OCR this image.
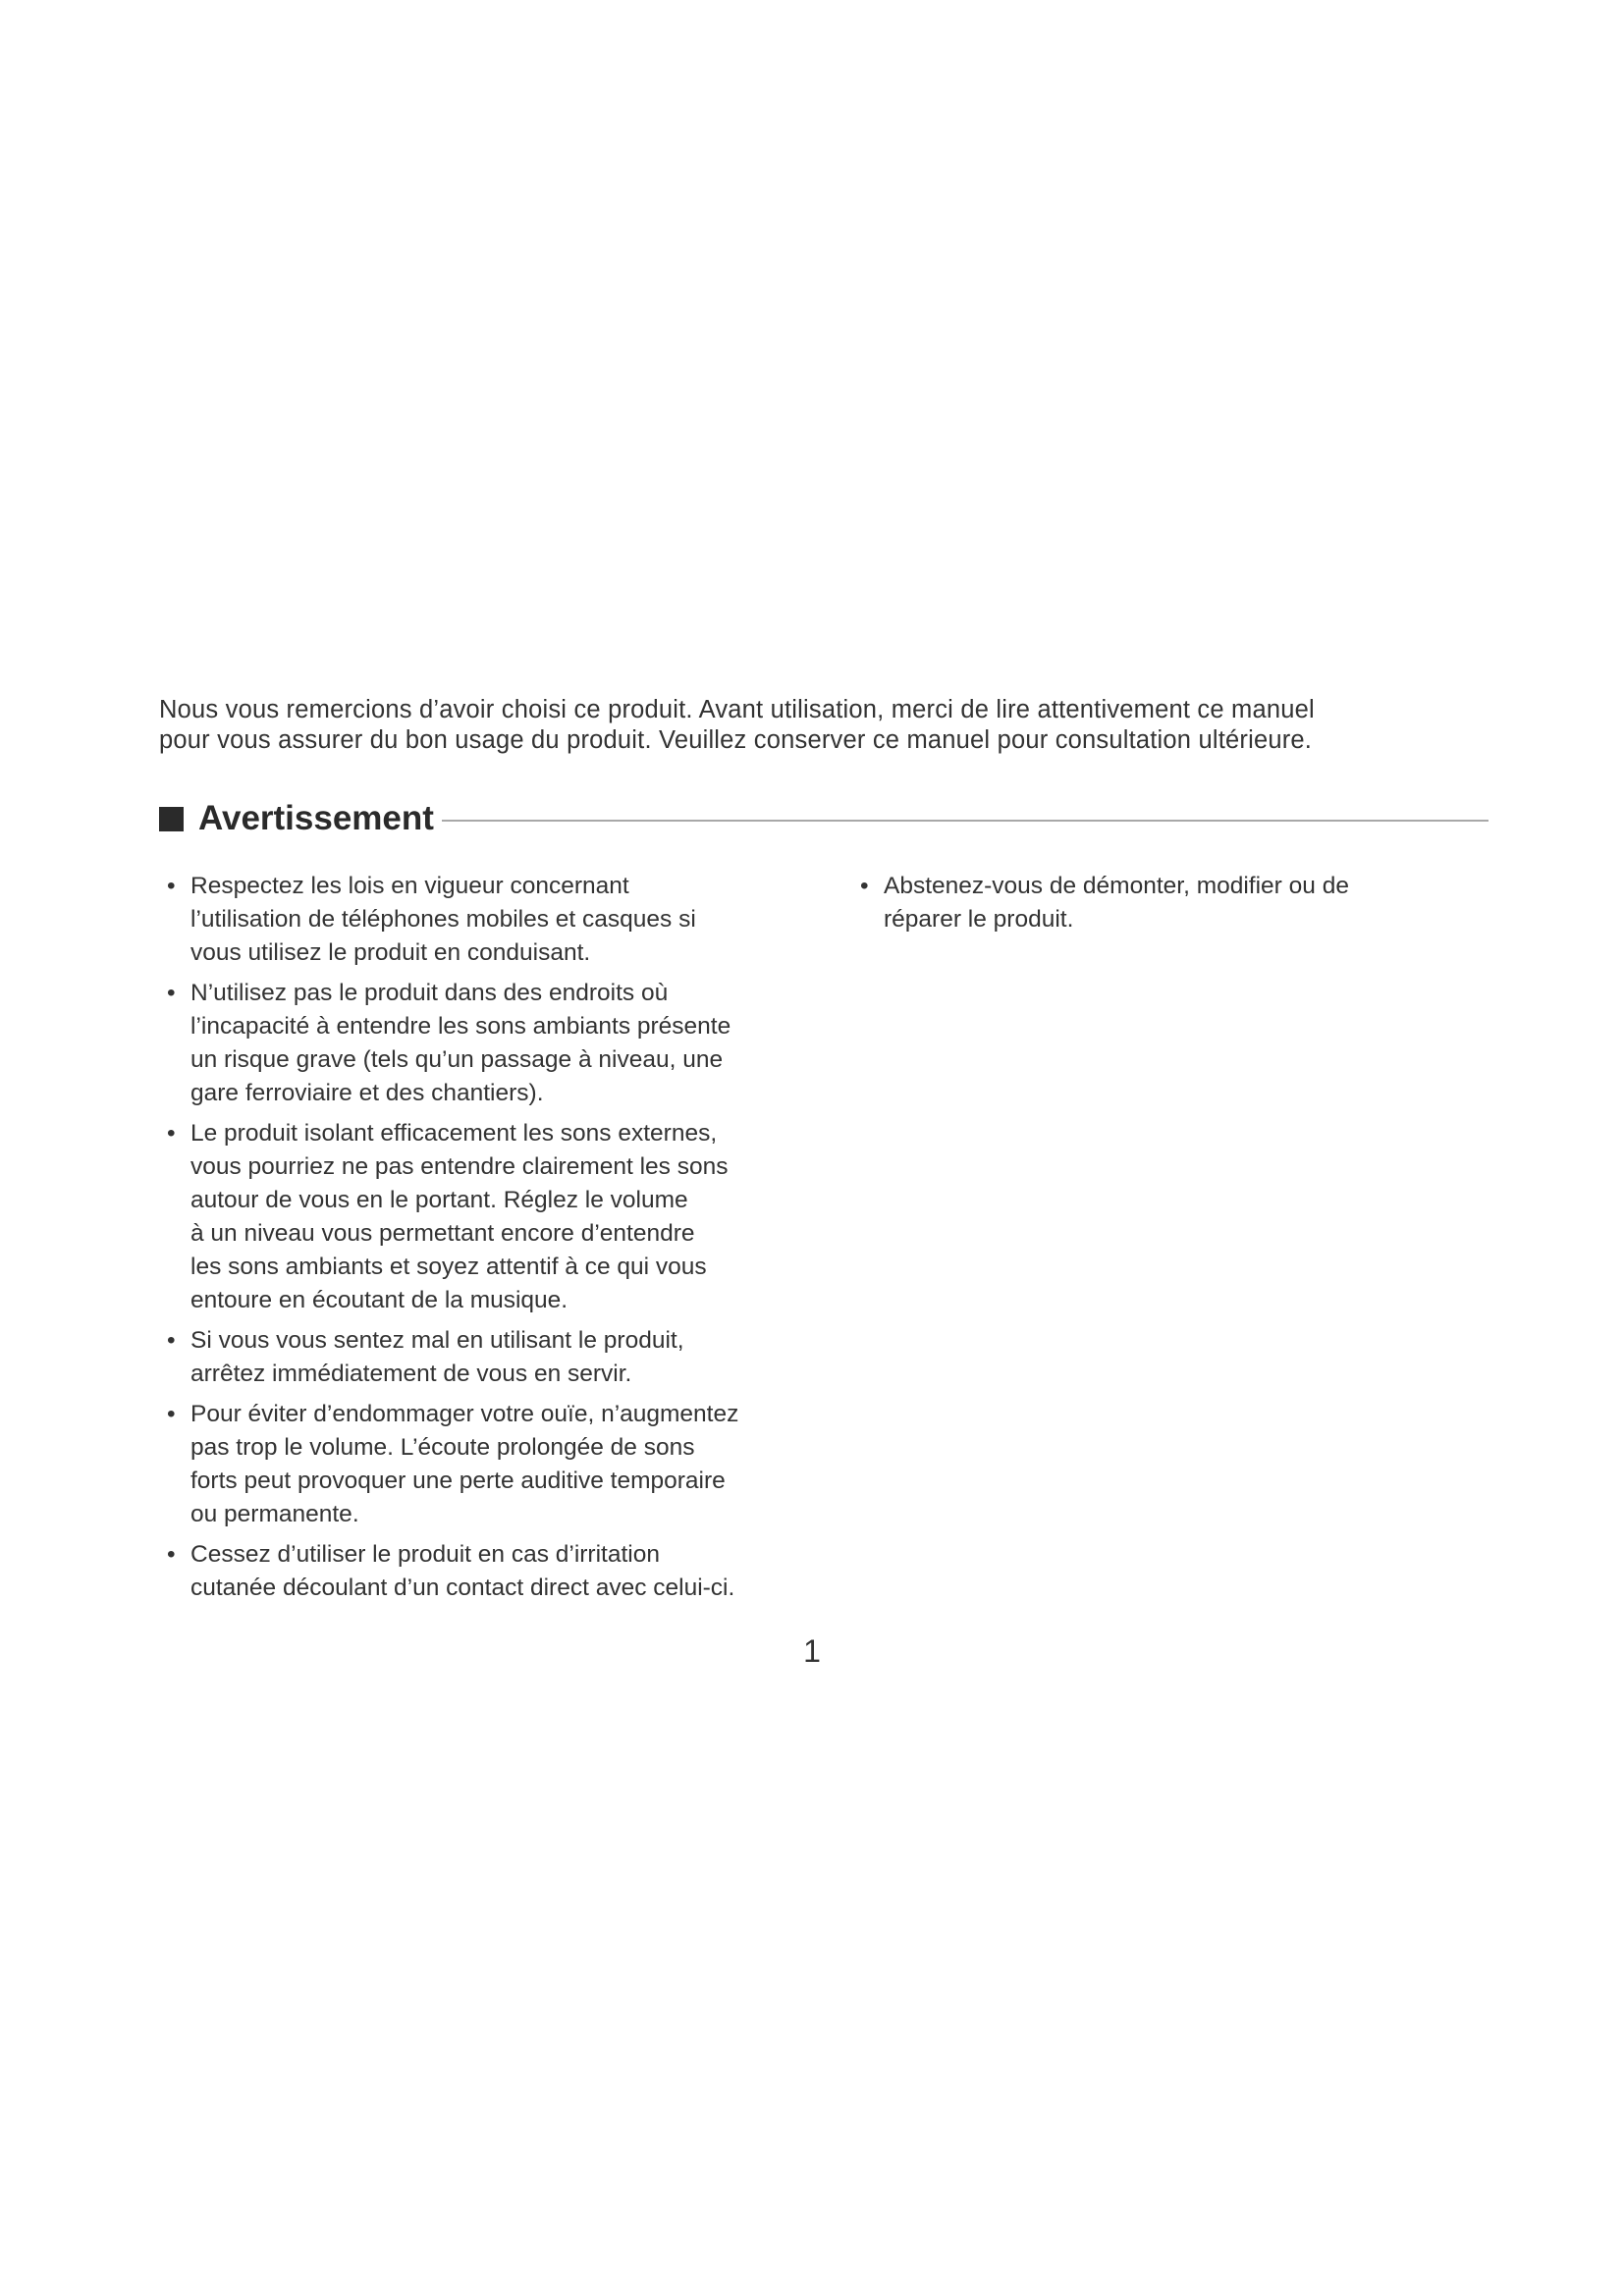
Nous vous remercions d’avoir choisi ce produit. Avant utilisation, merci de lire attentivement ce manuel
pour vous assurer du bon usage du produit. Veuillez conserver ce manuel pour consultation ultérieure.

Avertissement
• Respectez les lois en vigueur concernant
l’utilisation de téléphones mobiles et casques si
vous utilisez le produit en conduisant.
• N’utilisez pas le produit dans des endroits où
l’incapacité à entendre les sons ambiants présente
un risque grave (tels qu’un passage à niveau, une
gare ferroviaire et des chantiers).
• Le produit isolant efficacement les sons externes,
vous pourriez ne pas entendre clairement les sons
autour de vous en le portant. Réglez le volume
à un niveau vous permettant encore d’entendre
les sons ambiants et soyez attentif à ce qui vous
entoure en écoutant de la musique.
• Si vous vous sentez mal en utilisant le produit,
arrêtez immédiatement de vous en servir.
• Pour éviter d’endommager votre ouïe, n’augmentez
pas trop le volume. L’écoute prolongée de sons
forts peut provoquer une perte auditive temporaire
ou permanente.
• Cessez d’utiliser le produit en cas d’irritation
cutanée découlant d’un contact direct avec celui-ci.
• Abstenez-vous de démonter, modifier ou de
réparer le produit.

1
